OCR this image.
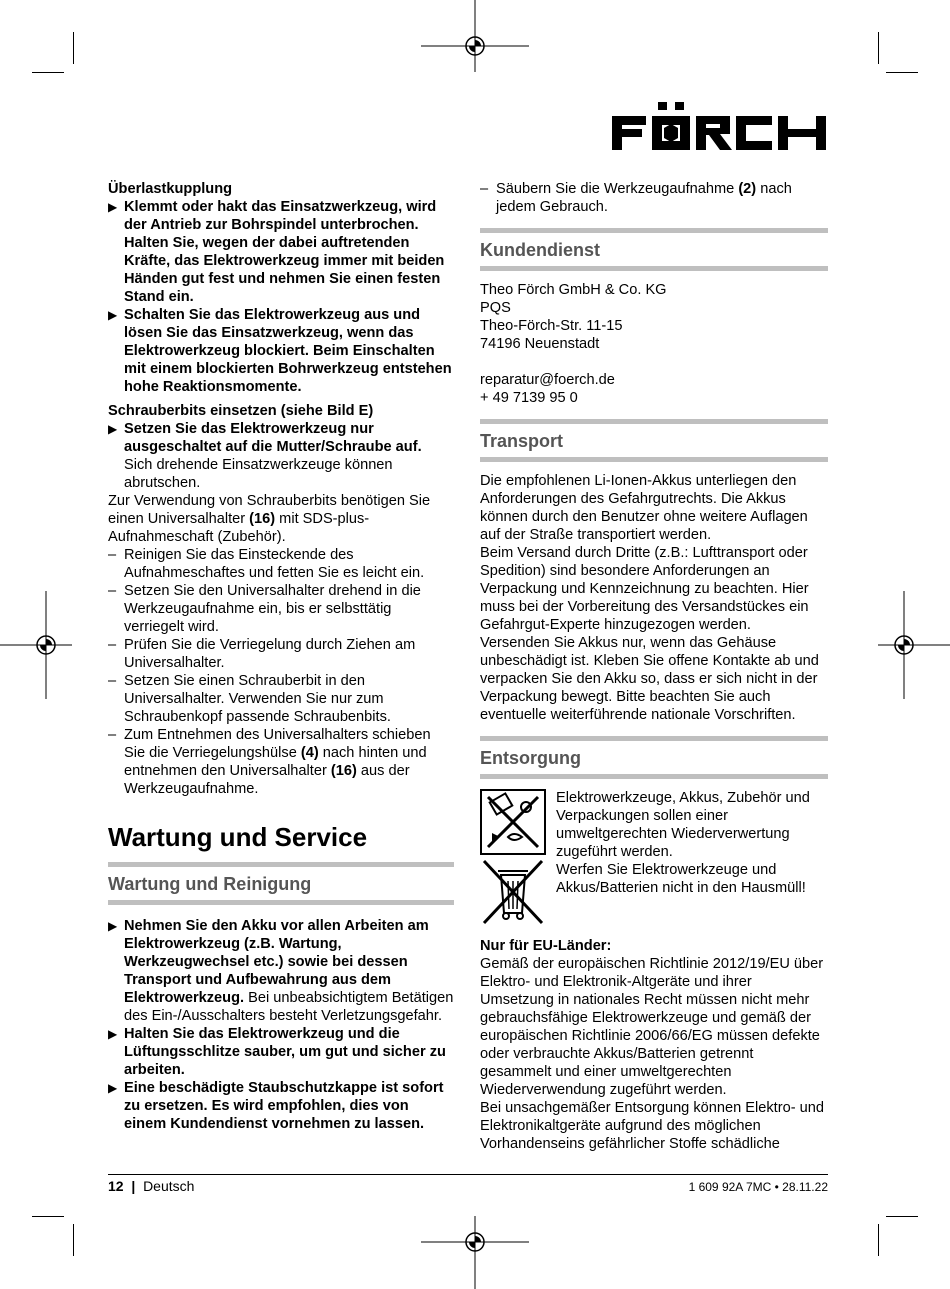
Überlastkupplung
▶ Klemmt oder hakt das Einsatzwerkzeug, wird der Antrieb zur Bohrspindel unterbrochen. Halten Sie, wegen der dabei auftretenden Kräfte, das Elektrowerkzeug immer mit beiden Händen gut fest und nehmen Sie einen festen Stand ein.
▶ Schalten Sie das Elektrowerkzeug aus und lösen Sie das Einsatzwerkzeug, wenn das Elektrowerkzeug blockiert. Beim Einschalten mit einem blockierten Bohrwerkzeug entstehen hohe Reaktionsmomente.
Schrauberbits einsetzen (siehe Bild E)
▶ Setzen Sie das Elektrowerkzeug nur ausgeschaltet auf die Mutter/Schraube auf. Sich drehende Einsatzwerkzeuge können abrutschen.
Zur Verwendung von Schrauberbits benötigen Sie einen Universalhalter (16) mit SDS-plus-Aufnahmeschaft (Zubehör).
– Reinigen Sie das Einsteckende des Aufnahmeschaftes und fetten Sie es leicht ein.
– Setzen Sie den Universalhalter drehend in die Werkzeugaufnahme ein, bis er selbsttätig verriegelt wird.
– Prüfen Sie die Verriegelung durch Ziehen am Universalhalter.
– Setzen Sie einen Schrauberbit in den Universalhalter. Verwenden Sie nur zum Schraubenkopf passende Schraubenbits.
– Zum Entnehmen des Universalhalters schieben Sie die Verriegelungshülse (4) nach hinten und entnehmen den Universalhalter (16) aus der Werkzeugaufnahme.
Wartung und Service
Wartung und Reinigung
▶ Nehmen Sie den Akku vor allen Arbeiten am Elektrowerkzeug (z.B. Wartung, Werkzeugwechsel etc.) sowie bei dessen Transport und Aufbewahrung aus dem Elektrowerkzeug. Bei unbeabsichtigtem Betätigen des Ein-/Ausschalters besteht Verletzungsgefahr.
▶ Halten Sie das Elektrowerkzeug und die Lüftungsschlitze sauber, um gut und sicher zu arbeiten.
▶ Eine beschädigte Staubschutzkappe ist sofort zu ersetzen. Es wird empfohlen, dies von einem Kundendienst vornehmen zu lassen.
– Säubern Sie die Werkzeugaufnahme (2) nach jedem Gebrauch.
Kundendienst
Theo Förch GmbH & Co. KG
PQS
Theo-Förch-Str. 11-15
74196 Neuenstadt
reparatur@foerch.de
+ 49 7139 95 0
Transport
Die empfohlenen Li-Ionen-Akkus unterliegen den Anforderungen des Gefahrgutrechts. Die Akkus können durch den Benutzer ohne weitere Auflagen auf der Straße transportiert werden.
Beim Versand durch Dritte (z.B.: Lufttransport oder Spedition) sind besondere Anforderungen an Verpackung und Kennzeichnung zu beachten. Hier muss bei der Vorbereitung des Versandstückes ein Gefahrgut-Experte hinzugezogen werden.
Versenden Sie Akkus nur, wenn das Gehäuse unbeschädigt ist. Kleben Sie offene Kontakte ab und verpacken Sie den Akku so, dass er sich nicht in der Verpackung bewegt. Bitte beachten Sie auch eventuelle weiterführende nationale Vorschriften.
Entsorgung
Elektrowerkzeuge, Akkus, Zubehör und Verpackungen sollen einer umweltgerechten Wiederverwertung zugeführt werden.
Werfen Sie Elektrowerkzeuge und Akkus/Batterien nicht in den Hausmüll!
Nur für EU-Länder:
Gemäß der europäischen Richtlinie 2012/19/EU über Elektro- und Elektronik-Altgeräte und ihrer Umsetzung in nationales Recht müssen nicht mehr gebrauchsfähige Elektrowerkzeuge und gemäß der europäischen Richtlinie 2006/66/EG müssen defekte oder verbrauchte Akkus/Batterien getrennt gesammelt und einer umweltgerechten Wiederverwendung zugeführt werden.
Bei unsachgemäßer Entsorgung können Elektro- und Elektronikaltgeräte aufgrund des möglichen Vorhandenseins gefährlicher Stoffe schädliche
12  |  Deutsch	1 609 92A 7MC • 28.11.22
